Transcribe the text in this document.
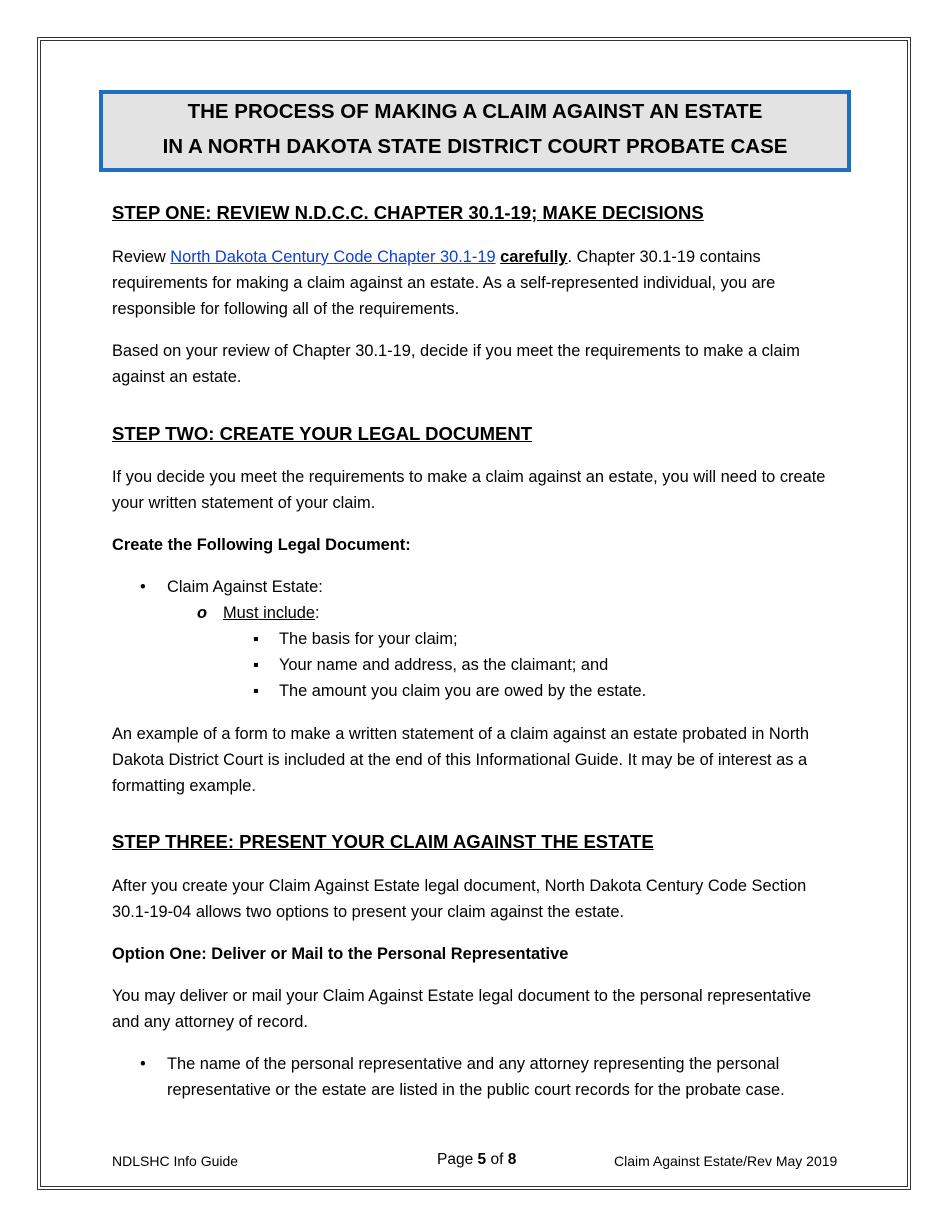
THE PROCESS OF MAKING A CLAIM AGAINST AN ESTATE
IN A NORTH DAKOTA STATE DISTRICT COURT PROBATE CASE
STEP ONE: REVIEW N.D.C.C. CHAPTER 30.1-19; MAKE DECISIONS
Review North Dakota Century Code Chapter 30.1-19 carefully. Chapter 30.1-19 contains requirements for making a claim against an estate. As a self-represented individual, you are responsible for following all of the requirements.
Based on your review of Chapter 30.1-19, decide if you meet the requirements to make a claim against an estate.
STEP TWO: CREATE YOUR LEGAL DOCUMENT
If you decide you meet the requirements to make a claim against an estate, you will need to create your written statement of your claim.
Create the Following Legal Document:
• Claim Against Estate:
o Must include:
▪ The basis for your claim;
▪ Your name and address, as the claimant; and
▪ The amount you claim you are owed by the estate.
An example of a form to make a written statement of a claim against an estate probated in North Dakota District Court is included at the end of this Informational Guide. It may be of interest as a formatting example.
STEP THREE: PRESENT YOUR CLAIM AGAINST THE ESTATE
After you create your Claim Against Estate legal document, North Dakota Century Code Section 30.1-19-04 allows two options to present your claim against the estate.
Option One: Deliver or Mail to the Personal Representative
You may deliver or mail your Claim Against Estate legal document to the personal representative and any attorney of record.
• The name of the personal representative and any attorney representing the personal representative or the estate are listed in the public court records for the probate case.
NDLSHC Info Guide	Page 5 of 8	Claim Against Estate/Rev May 2019
